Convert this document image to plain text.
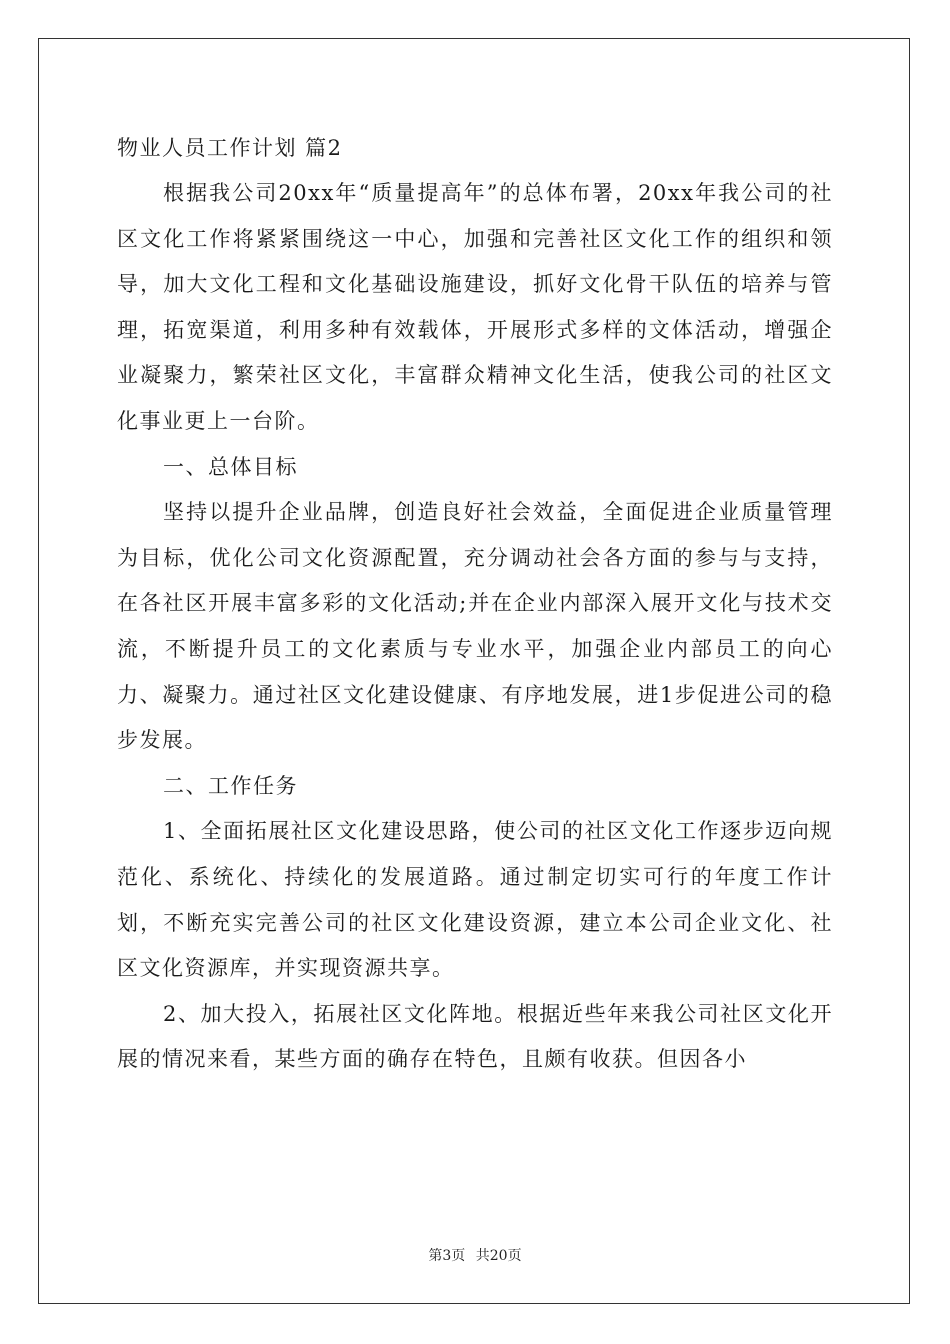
物业人员工作计划 篇2

根据我公司20xx年“质量提高年”的总体布署，20xx年我公司的社区文化工作将紧紧围绕这一中心，加强和完善社区文化工作的组织和领导，加大文化工程和文化基础设施建设，抓好文化骨干队伍的培养与管理，拓宽渠道，利用多种有效载体，开展形式多样的文体活动，增强企业凝聚力，繁荣社区文化，丰富群众精神文化生活，使我公司的社区文化事业更上一台阶。

一、总体目标

坚持以提升企业品牌，创造良好社会效益，全面促进企业质量管理为目标，优化公司文化资源配置，充分调动社会各方面的参与与支持，在各社区开展丰富多彩的文化活动;并在企业内部深入展开文化与技术交流，不断提升员工的文化素质与专业水平，加强企业内部员工的向心力、凝聚力。通过社区文化建设健康、有序地发展，进1步促进公司的稳步发展。

二、工作任务

1、全面拓展社区文化建设思路，使公司的社区文化工作逐步迈向规范化、系统化、持续化的发展道路。通过制定切实可行的年度工作计划，不断充实完善公司的社区文化建设资源，建立本公司企业文化、社区文化资源库，并实现资源共享。

2、加大投入，拓展社区文化阵地。根据近些年来我公司社区文化开展的情况来看，某些方面的确存在特色，且颇有收获。但因各小

第3页 共20页
